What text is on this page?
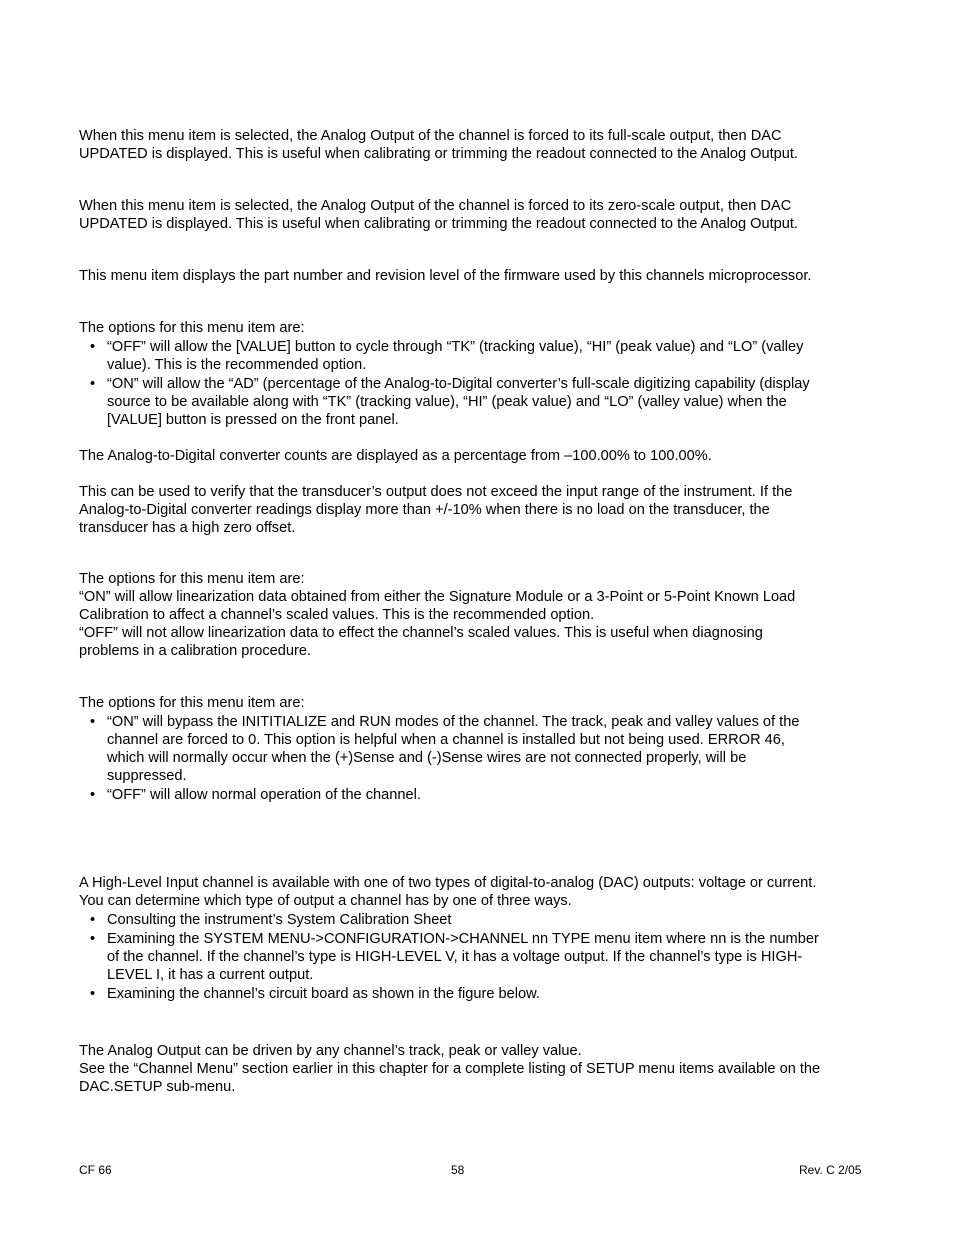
When this menu item is selected, the Analog Output of the channel is forced to its full-scale output, then DAC
UPDATED is displayed. This is useful when calibrating or trimming the readout connected to the Analog Output.
When this menu item is selected, the Analog Output of the channel is forced to its zero-scale output, then DAC
UPDATED is displayed. This is useful when calibrating or trimming the readout connected to the Analog Output.
This menu item displays the part number and revision level of the firmware used by this channels microprocessor.
The options for this menu item are:
• “OFF” will allow the [VALUE] button to cycle through “TK” (tracking value), “HI” (peak value) and “LO” (valley
value). This is the recommended option.
• “ON” will allow the “AD” (percentage of the Analog-to-Digital converter’s full-scale digitizing capability (display
source to be available along with “TK” (tracking value), “HI” (peak value) and “LO” (valley value) when the
[VALUE] button is pressed on the front panel.
The Analog-to-Digital converter counts are displayed as a percentage from –100.00% to 100.00%.
This can be used to verify that the transducer’s output does not exceed the input range of the instrument. If the
Analog-to-Digital converter readings display more than +/-10% when there is no load on the transducer, the
transducer has a high zero offset.
The options for this menu item are:
“ON” will allow linearization data obtained from either the Signature Module or a 3-Point or 5-Point Known Load
Calibration to affect a channel’s scaled values. This is the recommended option.
“OFF” will not allow linearization data to effect the channel’s scaled values. This is useful when diagnosing
problems in a calibration procedure.
The options for this menu item are:
• “ON” will bypass the INITITIALIZE and RUN modes of the channel. The track, peak and valley values of the
channel are forced to 0. This option is helpful when a channel is installed but not being used. ERROR 46,
which will normally occur when the (+)Sense and (-)Sense wires are not connected properly, will be
suppressed.
• “OFF” will allow normal operation of the channel.
A High-Level Input channel is available with one of two types of digital-to-analog (DAC) outputs: voltage or current.
You can determine which type of output a channel has by one of three ways.
• Consulting the instrument’s System Calibration Sheet
• Examining the SYSTEM MENU->CONFIGURATION->CHANNEL nn TYPE menu item where nn is the number
of the channel. If the channel’s type is HIGH-LEVEL V, it has a voltage output. If the channel’s type is HIGH-
LEVEL I, it has a current output.
• Examining the channel’s circuit board as shown in the figure below.
The Analog Output can be driven by any channel’s track, peak or valley value.
See the “Channel Menu” section earlier in this chapter for a complete listing of SETUP menu items available on the
DAC.SETUP sub-menu.
CF 66	58	Rev. C 2/05
